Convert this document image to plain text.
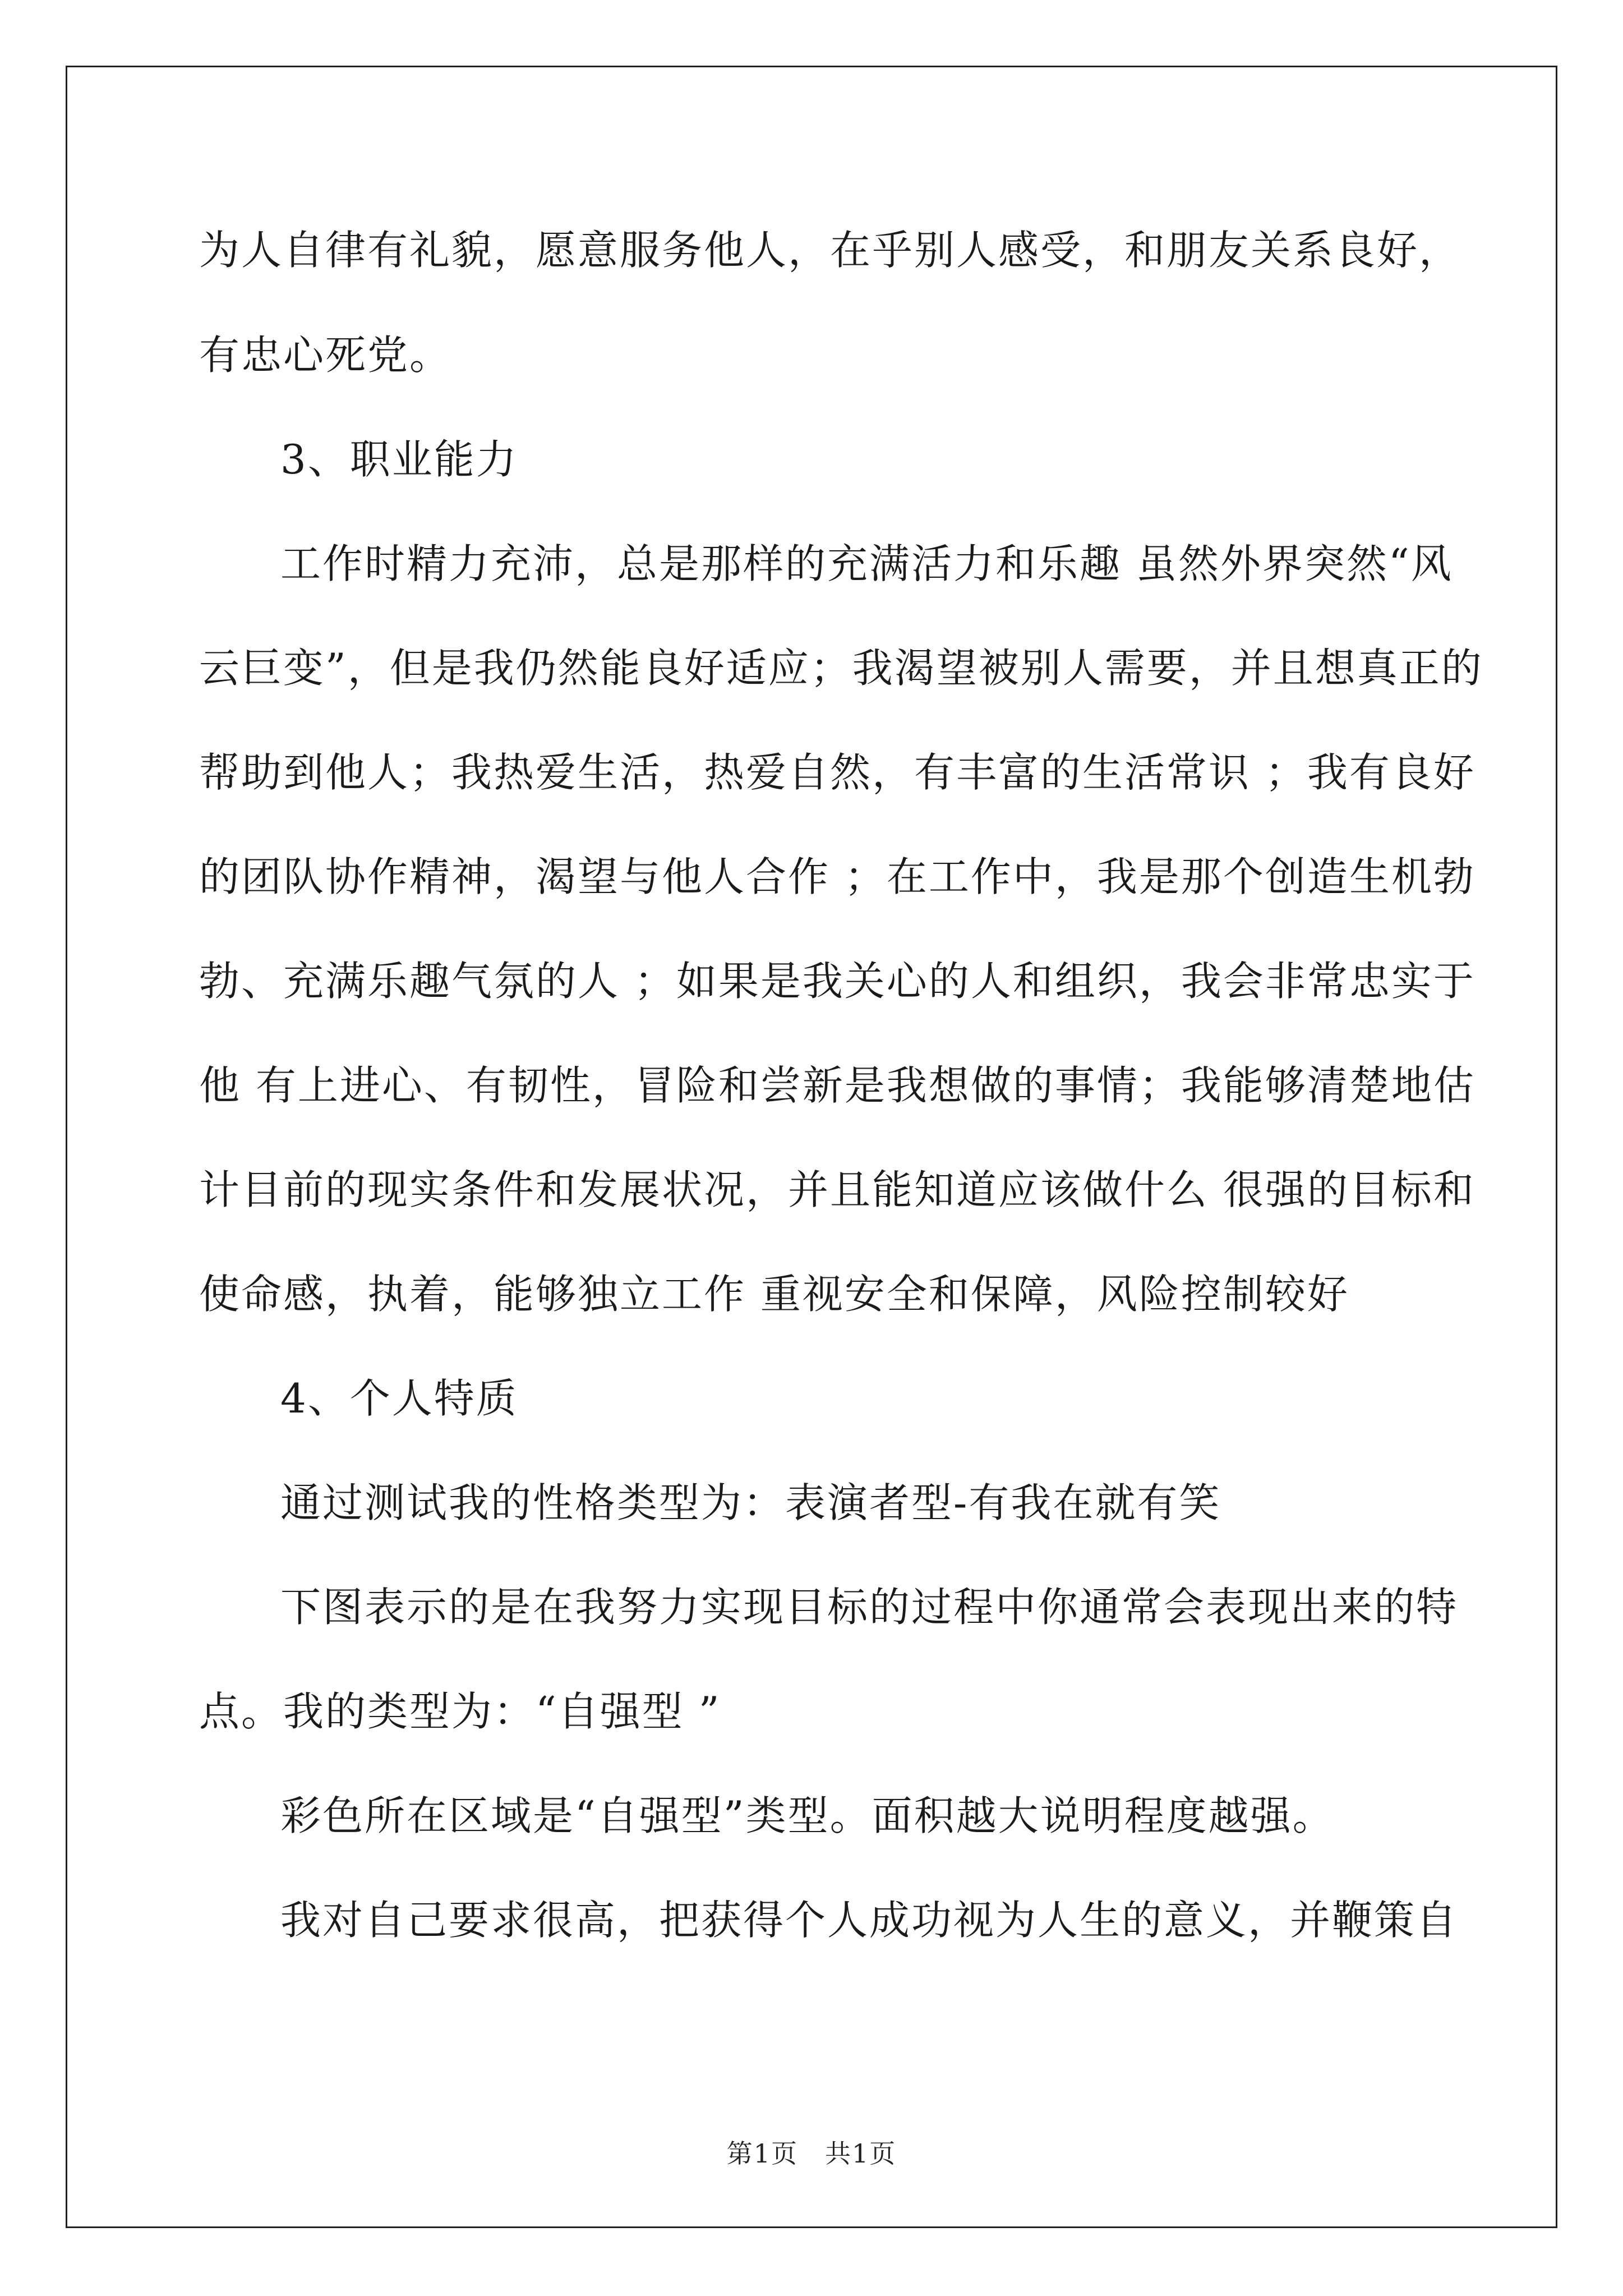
为人自律有礼貌，愿意服务他人，在乎别人感受，和朋友关系良好，
有忠心死党。
3、职业能力
工作时精力充沛，总是那样的充满活力和乐趣 虽然外界突然“风
云巨变”，但是我仍然能良好适应；我渴望被别人需要，并且想真正的
帮助到他人；我热爱生活，热爱自然，有丰富的生活常识 ；我有良好
的团队协作精神，渴望与他人合作 ；在工作中，我是那个创造生机勃
勃、充满乐趣气氛的人 ；如果是我关心的人和组织，我会非常忠实于
他 有上进心、有韧性，冒险和尝新是我想做的事情；我能够清楚地估
计目前的现实条件和发展状况，并且能知道应该做什么 很强的目标和
使命感，执着，能够独立工作 重视安全和保障，风险控制较好
4、个人特质
通过测试我的性格类型为：表演者型-有我在就有笑
下图表示的是在我努力实现目标的过程中你通常会表现出来的特
点。我的类型为：“自强型 ”
彩色所在区域是“自强型”类型。面积越大说明程度越强。
我对自己要求很高，把获得个人成功视为人生的意义，并鞭策自
第1页　共1页
